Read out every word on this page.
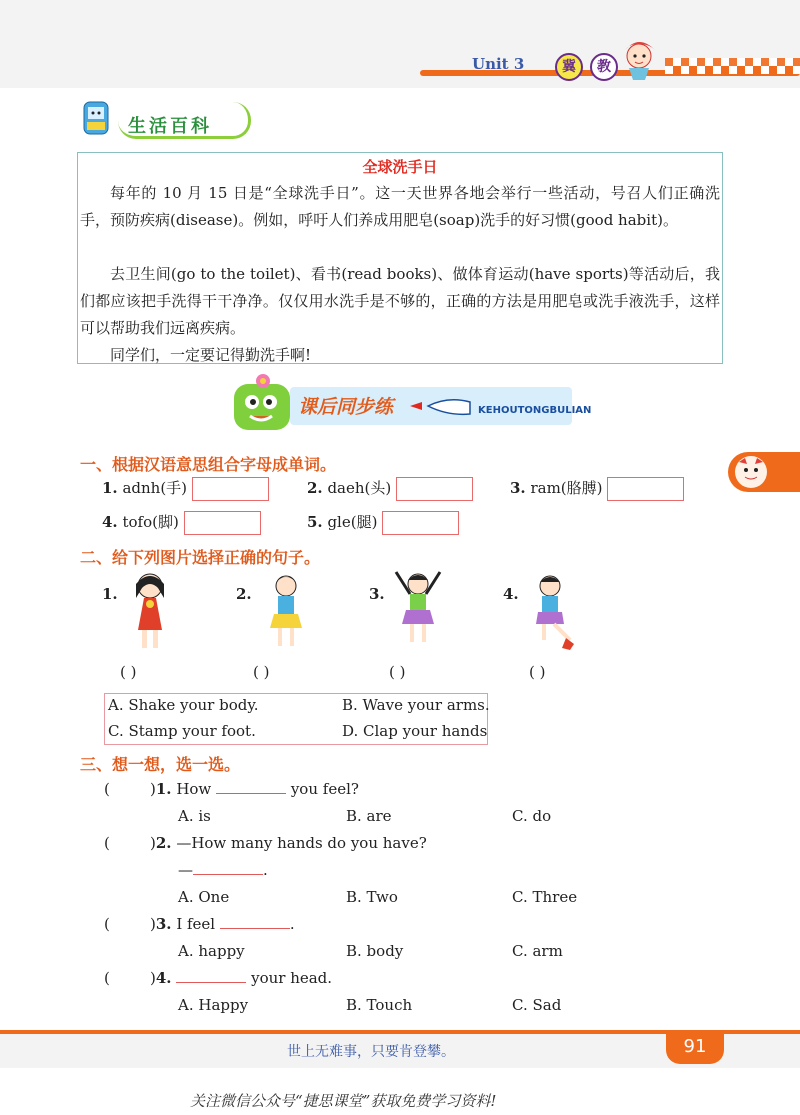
Unit 3	冀	教
生活百科
全球洗手日
每年的 10 月 15 日是“全球洗手日”。这一天世界各地会举行一些活动，号召人们正确洗手，预防疾病(disease)。例如，呼吁人们养成用肥皂(soap)洗手的好习惯(good habit)。
去卫生间(go to the toilet)、看书(read books)、做体育运动(have sports)等活动后，我们都应该把手洗得干干净净。仅仅用水洗手是不够的，正确的方法是用肥皂或洗手液洗手，这样可以帮助我们远离疾病。
同学们，一定要记得勤洗手啊!
课后同步练	KEHOUTONGBULIAN
一、根据汉语意思组合字母成单词。
1. adnh(手)	2. daeh(头)	3. ram(胳膊)
4. tofo(脚)	5. gle(腿)
二、给下列图片选择正确的句子。
1.	2.	3.	4.
( )	( )	( )	( )
A. Shake your body.	B. Wave your arms.
C. Stamp your foot.	D. Clap your hands
三、想一想，选一选。
(	)1. How	you feel?
A. is	B. are	C. do
(	)2. —How many hands do you have?
—	.
A. One	B. Two	C. Three
(	)3. I feel	.
A. happy	B. body	C. arm
(	)4.	your head.
A. Happy	B. Touch	C. Sad
世上无难事，只要肯登攀。	91
关注微信公众号“捷思课堂”获取免费学习资料!
